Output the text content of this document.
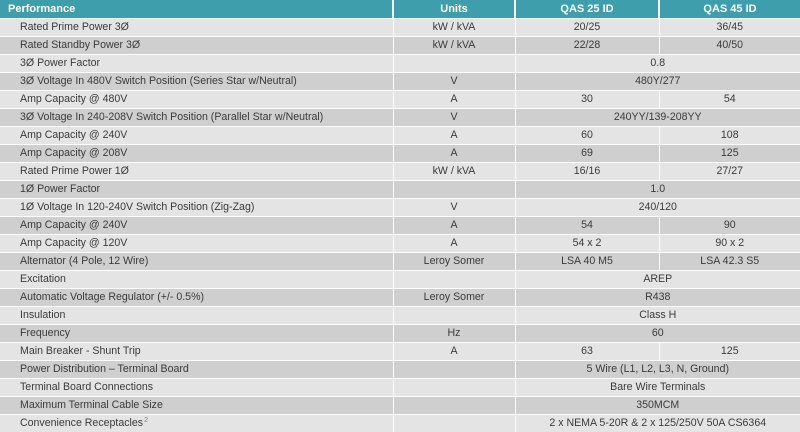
Performance	Units	QAS 25 ID	QAS 45 ID
Rated Prime Power 3Ø	kW / kVA	20/25	36/45
Rated Standby Power 3Ø	kW / kVA	22/28	40/50
3Ø Power Factor		0.8	
3Ø Voltage In 480V Switch Position (Series Star w/Neutral)	V	480Y/277	
Amp Capacity @ 480V	A	30	54
3Ø Voltage In 240-208V Switch Position (Parallel Star w/Neutral)	V	240YY/139-208YY	
Amp Capacity @ 240V	A	60	108
Amp Capacity @ 208V	A	69	125
Rated Prime Power 1Ø	kW / kVA	16/16	27/27
1Ø Power Factor		1.0	
1Ø Voltage In 120-240V Switch Position (Zig-Zag)	V	240/120	
Amp Capacity @ 240V	A	54	90
Amp Capacity @ 120V	A	54 x 2	90 x 2
Alternator (4 Pole, 12 Wire)	Leroy Somer	LSA 40 M5	LSA 42.3 S5
Excitation		AREP	
Automatic Voltage Regulator (+/- 0.5%)	Leroy Somer	R438	
Insulation		Class H	
Frequency	Hz	60	
Main Breaker - Shunt Trip	A	63	125
Power Distribution – Terminal Board		5 Wire (L1, L2, L3, N, Ground)	
Terminal Board Connections		Bare Wire Terminals	
Maximum Terminal Cable Size		350MCM	
Convenience Receptacles$^2$		2 x NEMA 5-20R & 2 x 125/250V 50A CS6364	
